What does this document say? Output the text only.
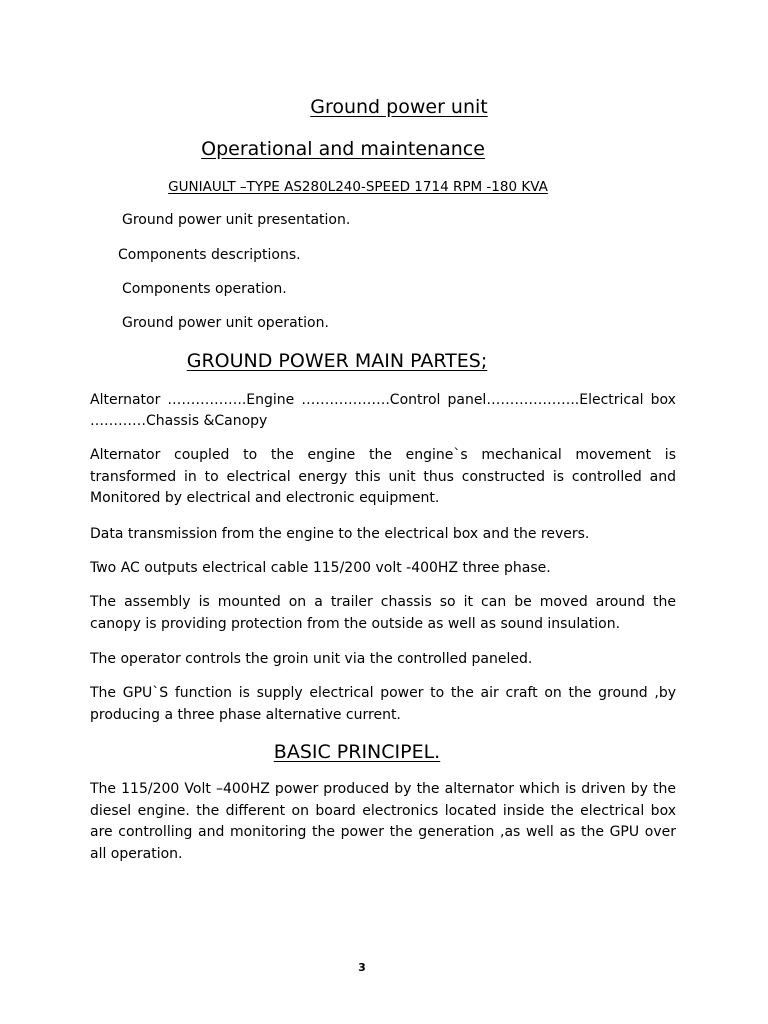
Ground power unit
Operational and maintenance

GUNIAULT –TYPE AS280L240-SPEED 1714 RPM -180 KVA

Ground power unit presentation.

Components descriptions.

Components operation.

Ground power unit operation.

GROUND POWER MAIN PARTES;
Alternator ……………..Engine ……………….Control panel………………..Electrical box

…………Chassis &Canopy

Alternator coupled to the engine the engine`s mechanical movement is transformed in to electrical energy this unit thus constructed is controlled and Monitored by electrical and electronic equipment.

Data transmission from the engine to the electrical box and the revers.

Two AC outputs electrical cable 115/200 volt -400HZ three phase.

The assembly is mounted on a trailer chassis so it can be moved around the canopy is providing protection from the outside as well as sound insulation.

The operator controls the groin unit via the controlled paneled.

The GPU`S function is supply electrical power to the air craft on the ground ,by producing a three phase alternative current.

BASIC PRINCIPEL.

The 115/200 Volt –400HZ power produced by the alternator which is driven by the diesel engine. the different on board electronics located inside the electrical box are controlling and monitoring the power the generation ,as well as the GPU over all operation.

3
